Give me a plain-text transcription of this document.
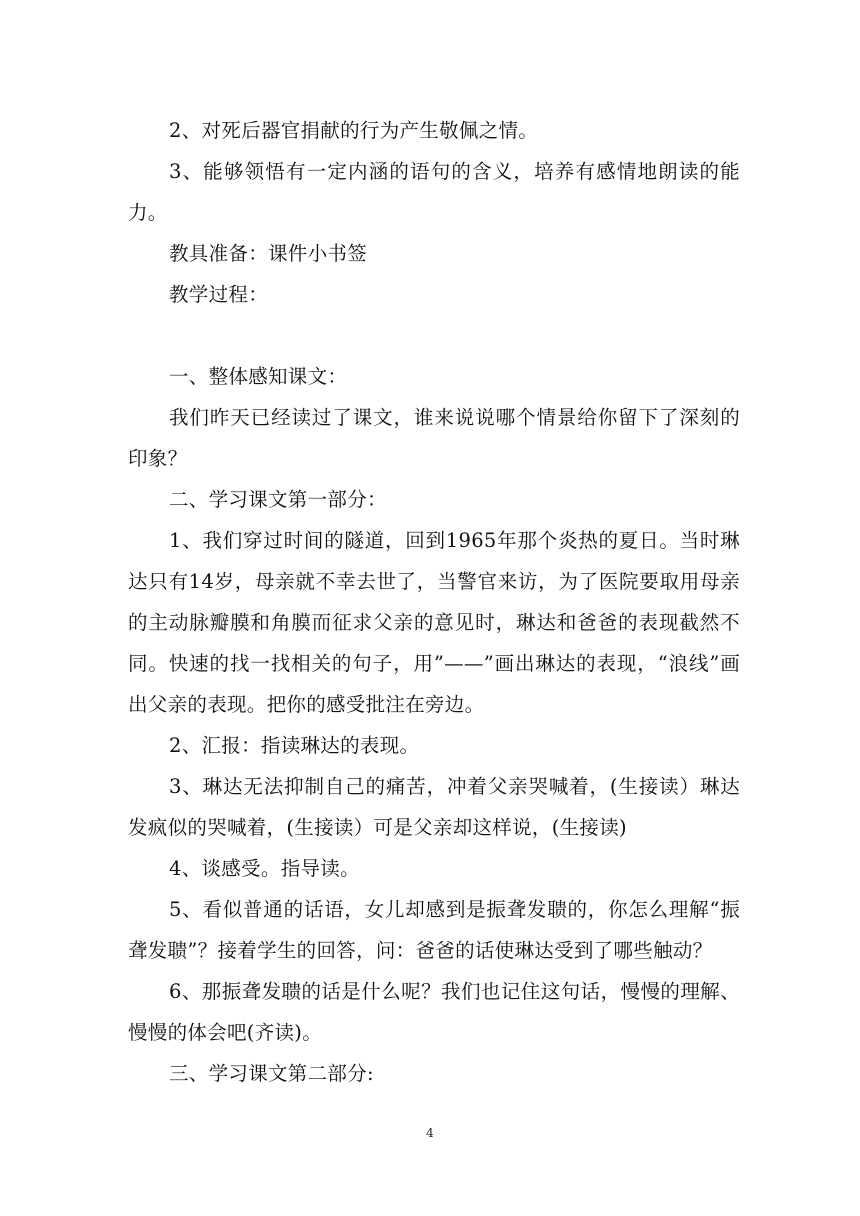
2、对死后器官捐献的行为产生敬佩之情。

3、能够领悟有一定内涵的语句的含义，培养有感情地朗读的能力。

教具准备：课件小书签

教学过程：

一、整体感知课文：

我们昨天已经读过了课文，谁来说说哪个情景给你留下了深刻的印象？

二、学习课文第一部分：

1、我们穿过时间的隧道，回到1965年那个炎热的夏日。当时琳达只有14岁，母亲就不幸去世了，当警官来访，为了医院要取用母亲的主动脉瓣膜和角膜而征求父亲的意见时，琳达和爸爸的表现截然不同。快速的找一找相关的句子，用”——”画出琳达的表现，“浪线”画出父亲的表现。把你的感受批注在旁边。

2、汇报：指读琳达的表现。

3、琳达无法抑制自己的痛苦，冲着父亲哭喊着，(生接读）琳达发疯似的哭喊着，(生接读）可是父亲却这样说，(生接读)

4、谈感受。指导读。

5、看似普通的话语，女儿却感到是振聋发聩的，你怎么理解“振聋发聩”？接着学生的回答，问：爸爸的话使琳达受到了哪些触动？

6、那振聋发聩的话是什么呢？我们也记住这句话，慢慢的理解、慢慢的体会吧(齐读)。

三、学习课文第二部分:

4
